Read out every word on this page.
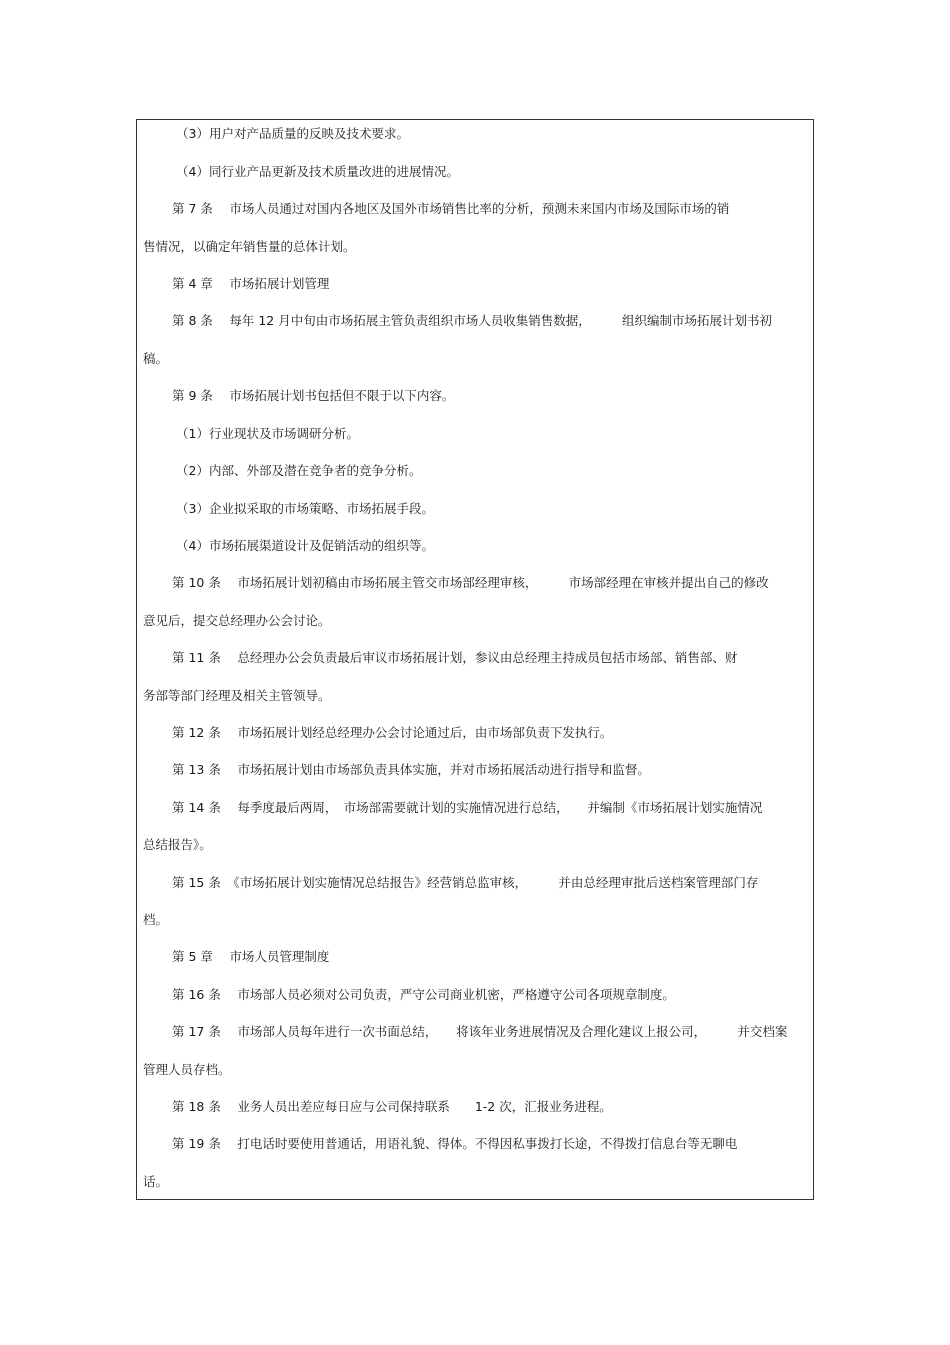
（3）用户对产品质量的反映及技术要求。
（4）同行业产品更新及技术质量改进的进展情况。
第 7 条　 市场人员通过对国内各地区及国外市场销售比率的分析，预测未来国内市场及国际市场的销
售情况，以确定年销售量的总体计划。
第 4 章　 市场拓展计划管理
第 8 条　 每年 12 月中旬由市场拓展主管负责组织市场人员收集销售数据，　　　组织编制市场拓展计划书初
稿。
第 9 条　 市场拓展计划书包括但不限于以下内容。
（1）行业现状及市场调研分析。
（2）内部、外部及潜在竞争者的竞争分析。
（3）企业拟采取的市场策略、市场拓展手段。
（4）市场拓展渠道设计及促销活动的组织等。
第 10 条　 市场拓展计划初稿由市场拓展主管交市场部经理审核，　　　市场部经理在审核并提出自己的修改
意见后，提交总经理办公会讨论。
第 11 条　 总经理办公会负责最后审议市场拓展计划，参议由总经理主持成员包括市场部、销售部、财
务部等部门经理及相关主管领导。
第 12 条　 市场拓展计划经总经理办公会讨论通过后，由市场部负责下发执行。
第 13 条　 市场拓展计划由市场部负责具体实施，并对市场拓展活动进行指导和监督。
第 14 条　 每季度最后两周，　市场部需要就计划的实施情况进行总结，　　并编制《市场拓展计划实施情况
总结报告》。
第 15 条　《市场拓展计划实施情况总结报告》经营销总监审核，　　　并由总经理审批后送档案管理部门存
档。
第 5 章　 市场人员管理制度
第 16 条　 市场部人员必须对公司负责，严守公司商业机密，严格遵守公司各项规章制度。
第 17 条　 市场部人员每年进行一次书面总结，　　将该年业务进展情况及合理化建议上报公司，　　　并交档案
管理人员存档。
第 18 条　 业务人员出差应每日应与公司保持联系　　1-2 次，汇报业务进程。
第 19 条　 打电话时要使用普通话，用语礼貌、得体。不得因私事拨打长途，不得拨打信息台等无聊电
话。
